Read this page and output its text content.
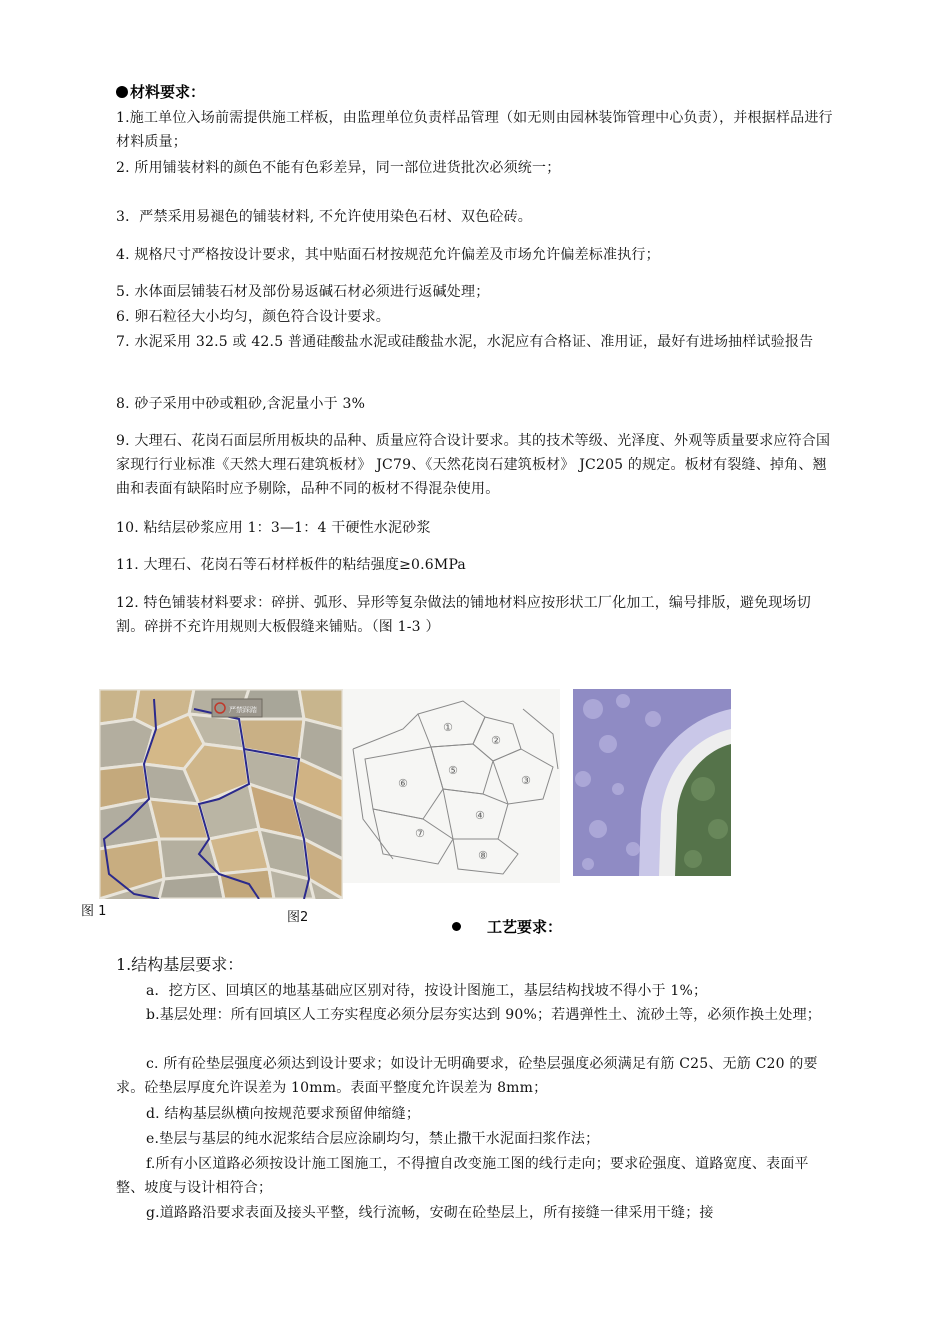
材料要求：

1.施工单位入场前需提供施工样板，由监理单位负责样品管理（如无则由园林装饰管理中心负责），并根据样品进行材料质量；

2. 所用铺装材料的颜色不能有色彩差异，同一部位进货批次必须统一；

3．严禁采用易褪色的铺装材料, 不允许使用染色石材、双色砼砖。

4. 规格尺寸严格按设计要求，其中贴面石材按规范允许偏差及市场允许偏差标准执行；

5. 水体面层铺装石材及部份易返碱石材必须进行返碱处理；

6. 卵石粒径大小均匀，颜色符合设计要求。

7. 水泥采用 32.5 或 42.5 普通硅酸盐水泥或硅酸盐水泥，水泥应有合格证、准用证，最好有进场抽样试验报告

8. 砂子采用中砂或粗砂,含泥量小于 3%

9. 大理石、花岗石面层所用板块的品种、质量应符合设计要求。其的技术等级、光泽度、外观等质量要求应符合国家现行行业标准《天然大理石建筑板材》 JC79、《天然花岗石建筑板材》 JC205 的规定。板材有裂缝、掉角、翘曲和表面有缺陷时应予剔除，品种不同的板材不得混杂使用。

10. 粘结层砂浆应用 1：3—1：4 干硬性水泥砂浆

11. 大理石、花岗石等石材样板件的粘结强度≥0.6MPa

12. 特色铺装材料要求：碎拼、弧形、异形等复杂做法的铺地材料应按形状工厂化加工，编号排版，避免现场切割。碎拼不充许用规则大板假缝来铺贴。（图 1-3 ）

严禁踩踏
①
②
③
④
⑤
⑥
⑦
⑧

图 1	图2

工艺要求：

1.结构基层要求：

a．挖方区、回填区的地基基础应区别对待，按设计图施工，基层结构找坡不得小于 1%；

b.基层处理：所有回填区人工夯实程度必须分层夯实达到 90%；若遇弹性土、流砂土等，必须作换土处理；

c. 所有砼垫层强度必须达到设计要求；如设计无明确要求，砼垫层强度必须满足有筋 C25、无筋 C20 的要求。砼垫层厚度允许误差为 10mm。表面平整度允许误差为 8mm；

d. 结构基层纵横向按规范要求预留伸缩缝；

e.垫层与基层的纯水泥浆结合层应涂刷均匀，禁止撒干水泥面扫浆作法；

f.所有小区道路必须按设计施工图施工，不得擅自改变施工图的线行走向；要求砼强度、道路宽度、表面平整、坡度与设计相符合；

g.道路路沿要求表面及接头平整，线行流畅，安砌在砼垫层上，所有接缝一律采用干缝；接
